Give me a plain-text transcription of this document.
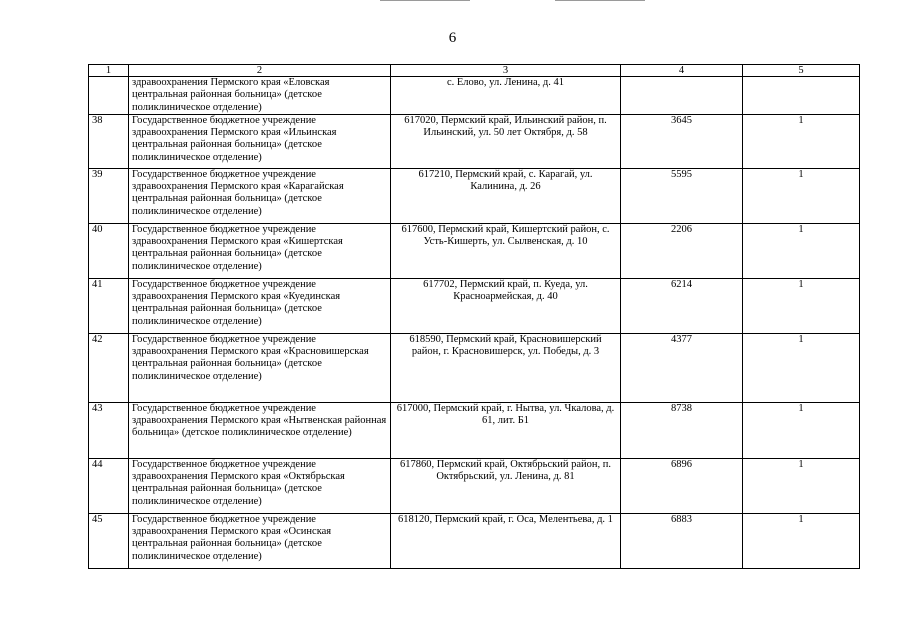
6
1	2	3	4	5
	здравоохранения Пермского края «Еловская центральная районная больница» (детское поликлиническое отделение)	с. Елово, ул. Ленина, д. 41		
38	Государственное бюджетное учреждение здравоохранения Пермского края «Ильинская центральная районная больница» (детское поликлиническое отделение)	617020, Пермский край, Ильинский район, п. Ильинский, ул. 50 лет Октября, д. 58	3645	1
39	Государственное бюджетное учреждение здравоохранения Пермского края «Карагайская центральная районная больница» (детское поликлиническое отделение)	617210, Пермский край, с. Карагай, ул. Калинина, д. 26	5595	1
40	Государственное бюджетное учреждение здравоохранения Пермского края «Кишертская центральная районная больница» (детское поликлиническое отделение)	617600, Пермский край, Кишертский район, с. Усть-Кишерть, ул. Сылвенская, д. 10	2206	1
41	Государственное бюджетное учреждение здравоохранения Пермского края «Куединская центральная районная больница» (детское поликлиническое отделение)	617702, Пермский край, п. Куеда, ул. Красноармейская, д. 40	6214	1
42	Государственное бюджетное учреждение здравоохранения Пермского края «Красновишерская центральная районная больница» (детское поликлиническое отделение)	618590, Пермский край, Красновишерский район, г. Красновишерск, ул. Победы, д. 3	4377	1
43	Государственное бюджетное учреждение здравоохранения Пермского края «Нытвенская районная больница» (детское поликлиническое отделение)	617000, Пермский край, г. Нытва, ул. Чкалова, д. 61, лит. Б1	8738	1
44	Государственное бюджетное учреждение здравоохранения Пермского края «Октябрьская центральная районная больница» (детское поликлиническое отделение)	617860, Пермский край, Октябрьский район, п. Октябрьский, ул. Ленина, д. 81	6896	1
45	Государственное бюджетное учреждение здравоохранения Пермского края «Осинская центральная районная больница» (детское поликлиническое отделение)	618120, Пермский край, г. Оса, Мелентьева, д. 1	6883	1
